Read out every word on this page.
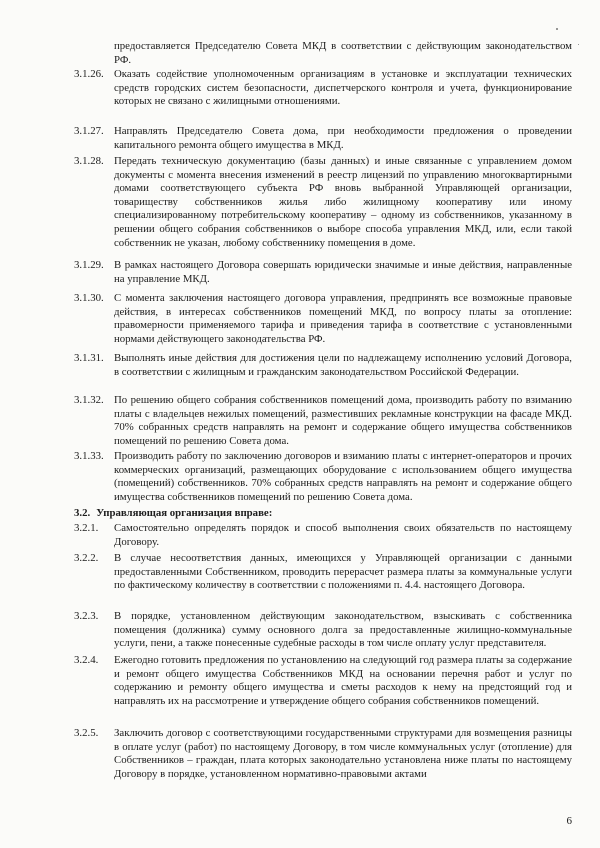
предоставляется Председателю Совета МКД в соответствии с действующим законодательством РФ.
3.1.26. Оказать содействие уполномоченным организациям в установке и эксплуатации технических средств городских систем безопасности, диспетчерского контроля и учета, функционирование которых не связано с жилищными отношениями.
3.1.27. Направлять Председателю Совета дома, при необходимости предложения о проведении капитального ремонта общего имущества в МКД.
3.1.28. Передать техническую документацию (базы данных) и иные связанные с управлением домом документы с момента внесения изменений в реестр лицензий по управлению многоквартирными домами соответствующего субъекта РФ вновь выбранной Управляющей организации, товариществу собственников жилья либо жилищному кооперативу или иному специализированному потребительскому кооперативу – одному из собственников, указанному в решении общего собрания собственников о выборе способа управления МКД, или, если такой собственник не указан, любому собственнику помещения в доме.
3.1.29. В рамках настоящего Договора совершать юридически значимые и иные действия, направленные на управление МКД.
3.1.30. С момента заключения настоящего договора управления, предпринять все возможные правовые действия, в интересах собственников помещений МКД, по вопросу платы за отопление: правомерности применяемого тарифа и приведения тарифа в соответствие с установленными нормами действующего законодательства РФ.
3.1.31. Выполнять иные действия для достижения цели по надлежащему исполнению условий Договора, в соответствии с жилищным и гражданским законодательством Российской Федерации.
3.1.32. По решению общего собрания собственников помещений дома, производить работу по взиманию платы с владельцев нежилых помещений, разместивших рекламные конструкции на фасаде МКД. 70% собранных средств направлять на ремонт и содержание общего имущества собственников помещений по решению Совета дома.
3.1.33. Производить работу по заключению договоров и взиманию платы с интернет-операторов и прочих коммерческих организаций, размещающих оборудование с использованием общего имущества (помещений) собственников. 70% собранных средств направлять на ремонт и содержание общего имущества собственников помещений по решению Совета дома.
3.2. Управляющая организация вправе:
3.2.1. Самостоятельно определять порядок и способ выполнения своих обязательств по настоящему Договору.
3.2.2. В случае несоответствия данных, имеющихся у Управляющей организации с данными предоставленными Собственником, проводить перерасчет размера платы за коммунальные услуги по фактическому количеству в соответствии с положениями п. 4.4. настоящего Договора.
3.2.3. В порядке, установленном действующим законодательством, взыскивать с собственника помещения (должника) сумму основного долга за предоставленные жилищно-коммунальные услуги, пени, а также понесенные судебные расходы в том числе оплату услуг представителя.
3.2.4. Ежегодно готовить предложения по установлению на следующий год размера платы за содержание и ремонт общего имущества Собственников МКД на основании перечня работ и услуг по содержанию и ремонту общего имущества и сметы расходов к нему на предстоящий год и направлять их на рассмотрение и утверждение общего собрания собственников помещений.
3.2.5. Заключить договор с соответствующими государственными структурами для возмещения разницы в оплате услуг (работ) по настоящему Договору, в том числе коммунальных услуг (отопление) для Собственников – граждан, плата которых законодательно установлена ниже платы по настоящему Договору в порядке, установленном нормативно-правовыми актами
6
